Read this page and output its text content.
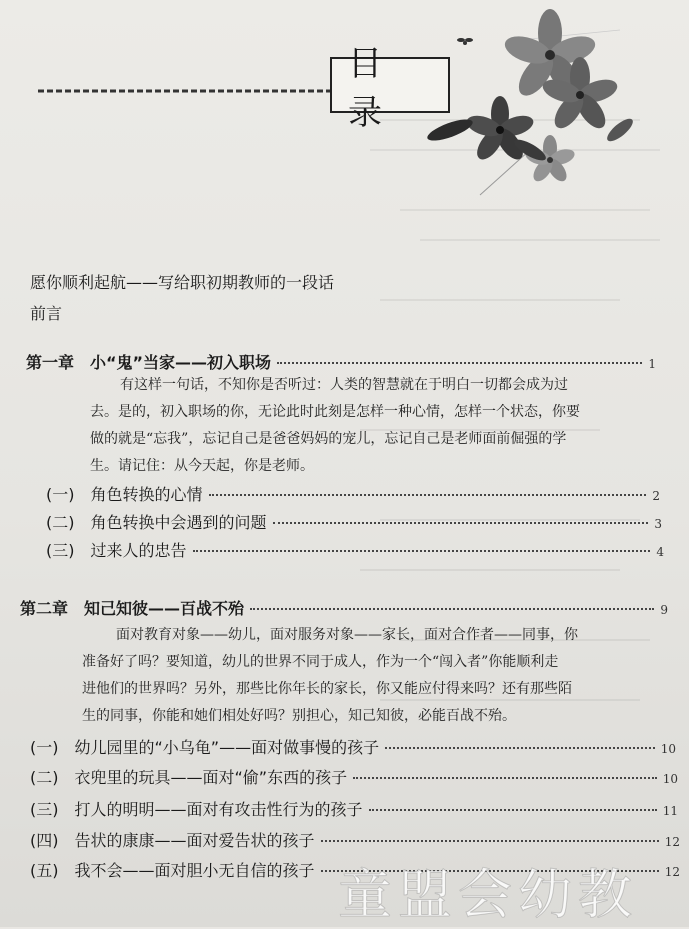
目录
愿你顺利起航——写给职初期教师的一段话
前言
第一章　小“鬼”当家——初入职场	1
有这样一句话，不知你是否听过：人类的智慧就在于明白一切都会成为过
去。是的，初入职场的你，无论此时此刻是怎样一种心情，怎样一个状态，你要
做的就是“忘我”，忘记自己是爸爸妈妈的宠儿，忘记自己是老师面前倔强的学
生。请记住：从今天起，你是老师。
(一)　角色转换的心情	2
(二)　角色转换中会遇到的问题	3
(三)　过来人的忠告	4
第二章　知己知彼——百战不殆	9
面对教育对象——幼儿，面对服务对象——家长，面对合作者——同事，你
准备好了吗？要知道，幼儿的世界不同于成人，作为一个“闯入者”你能顺利走
进他们的世界吗？另外，那些比你年长的家长，你又能应付得来吗？还有那些陌
生的同事，你能和她们相处好吗？别担心，知己知彼，必能百战不殆。
(一)　幼儿园里的“小乌龟”——面对做事慢的孩子	10
(二)　衣兜里的玩具——面对“偷”东西的孩子	10
(三)　打人的明明——面对有攻击性行为的孩子	11
(四)　告状的康康——面对爱告状的孩子	12
(五)　我不会——面对胆小无自信的孩子	12
童盟会幼教
